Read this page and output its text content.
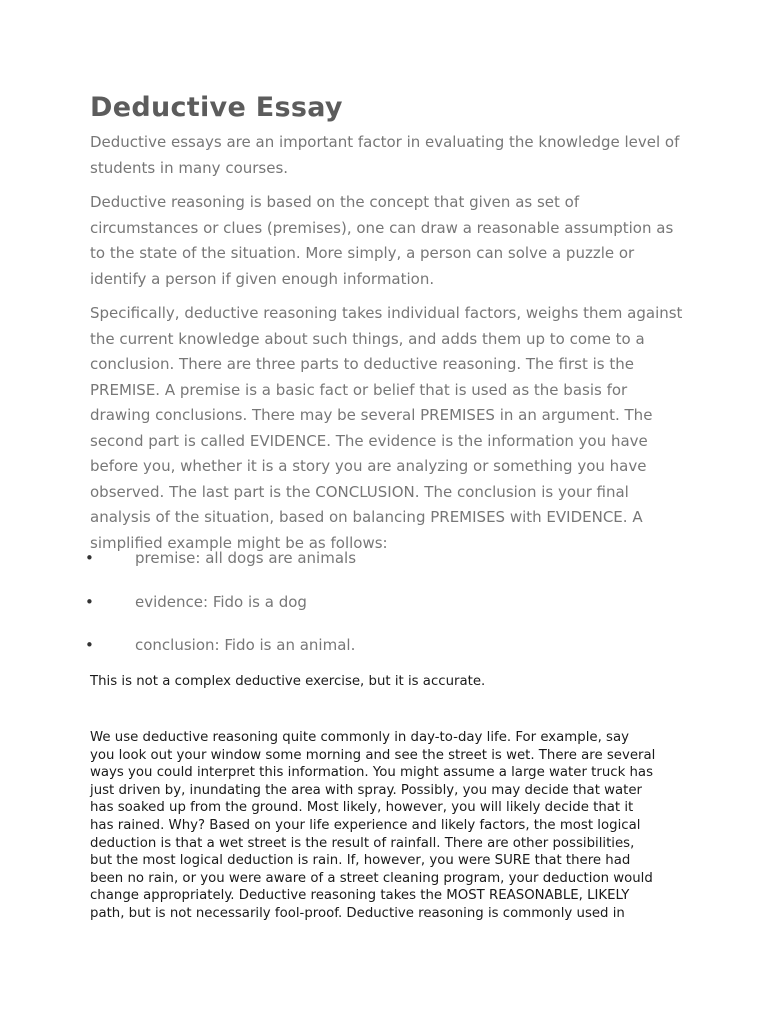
Deductive Essay

Deductive essays are an important factor in evaluating the knowledge level of students in many courses.

Deductive reasoning is based on the concept that given as set of circumstances or clues (premises), one can draw a reasonable assumption as to the state of the situation. More simply, a person can solve a puzzle or identify a person if given enough information.

Specifically, deductive reasoning takes individual factors, weighs them against the current knowledge about such things, and adds them up to come to a conclusion. There are three parts to deductive reasoning. The first is the PREMISE. A premise is a basic fact or belief that is used as the basis for drawing conclusions. There may be several PREMISES in an argument. The second part is called EVIDENCE. The evidence is the information you have before you, whether it is a story you are analyzing or something you have observed. The last part is the CONCLUSION. The conclusion is your final analysis of the situation, based on balancing PREMISES with EVIDENCE. A simplified example might be as follows:

•	premise: all dogs are animals
•	evidence: Fido is a dog
•	conclusion: Fido is an animal.

This is not a complex deductive exercise, but it is accurate.

We use deductive reasoning quite commonly in day-to-day life. For example, say
you look out your window some morning and see the street is wet. There are several
ways you could interpret this information. You might assume a large water truck has
just driven by, inundating the area with spray. Possibly, you may decide that water
has soaked up from the ground. Most likely, however, you will likely decide that it
has rained. Why? Based on your life experience and likely factors, the most logical
deduction is that a wet street is the result of rainfall. There are other possibilities,
but the most logical deduction is rain. If, however, you were SURE that there had
been no rain, or you were aware of a street cleaning program, your deduction would
change appropriately. Deductive reasoning takes the MOST REASONABLE, LIKELY
path, but is not necessarily fool-proof. Deductive reasoning is commonly used in
